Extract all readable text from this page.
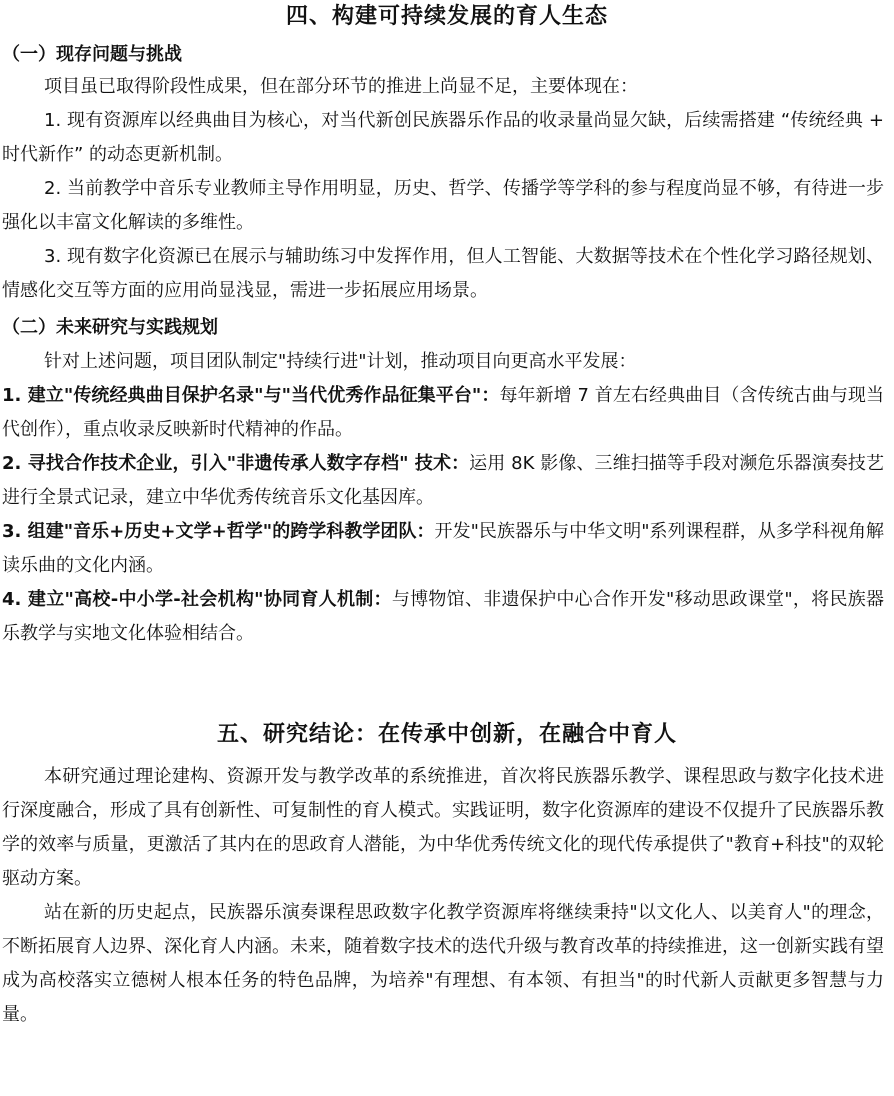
四、构建可持续发展的育人生态
（一）现存问题与挑战

项目虽已取得阶段性成果，但在部分环节的推进上尚显不足，主要体现在：

1. 现有资源库以经典曲目为核心，对当代新创民族器乐作品的收录量尚显欠缺，后续需搭建 “传统经典 + 时代新作” 的动态更新机制。

2. 当前教学中音乐专业教师主导作用明显，历史、哲学、传播学等学科的参与程度尚显不够，有待进一步强化以丰富文化解读的多维性。

3. 现有数字化资源已在展示与辅助练习中发挥作用，但人工智能、大数据等技术在个性化学习路径规划、情感化交互等方面的应用尚显浅显，需进一步拓展应用场景。

（二）未来研究与实践规划

针对上述问题，项目团队制定"持续行进"计划，推动项目向更高水平发展：

1. 建立"传统经典曲目保护名录"与"当代优秀作品征集平台"：每年新增 7 首左右经典曲目（含传统古曲与现当代创作），重点收录反映新时代精神的作品。

2. 寻找合作技术企业，引入"非遗传承人数字存档" 技术：运用 8K 影像、三维扫描等手段对濒危乐器演奏技艺进行全景式记录，建立中华优秀传统音乐文化基因库。

3. 组建"音乐+历史+文学+哲学"的跨学科教学团队：开发"民族器乐与中华文明"系列课程群，从多学科视角解读乐曲的文化内涵。

4. 建立"高校-中小学-社会机构"协同育人机制：与博物馆、非遗保护中心合作开发"移动思政课堂"，将民族器乐教学与实地文化体验相结合。

五、研究结论：在传承中创新，在融合中育人

本研究通过理论建构、资源开发与教学改革的系统推进，首次将民族器乐教学、课程思政与数字化技术进行深度融合，形成了具有创新性、可复制性的育人模式。实践证明，数字化资源库的建设不仅提升了民族器乐教学的效率与质量，更激活了其内在的思政育人潜能，为中华优秀传统文化的现代传承提供了"教育+科技"的双轮驱动方案。

站在新的历史起点，民族器乐演奏课程思政数字化教学资源库将继续秉持"以文化人、以美育人"的理念，不断拓展育人边界、深化育人内涵。未来，随着数字技术的迭代升级与教育改革的持续推进，这一创新实践有望成为高校落实立德树人根本任务的特色品牌，为培养"有理想、有本领、有担当"的时代新人贡献更多智慧与力量。
